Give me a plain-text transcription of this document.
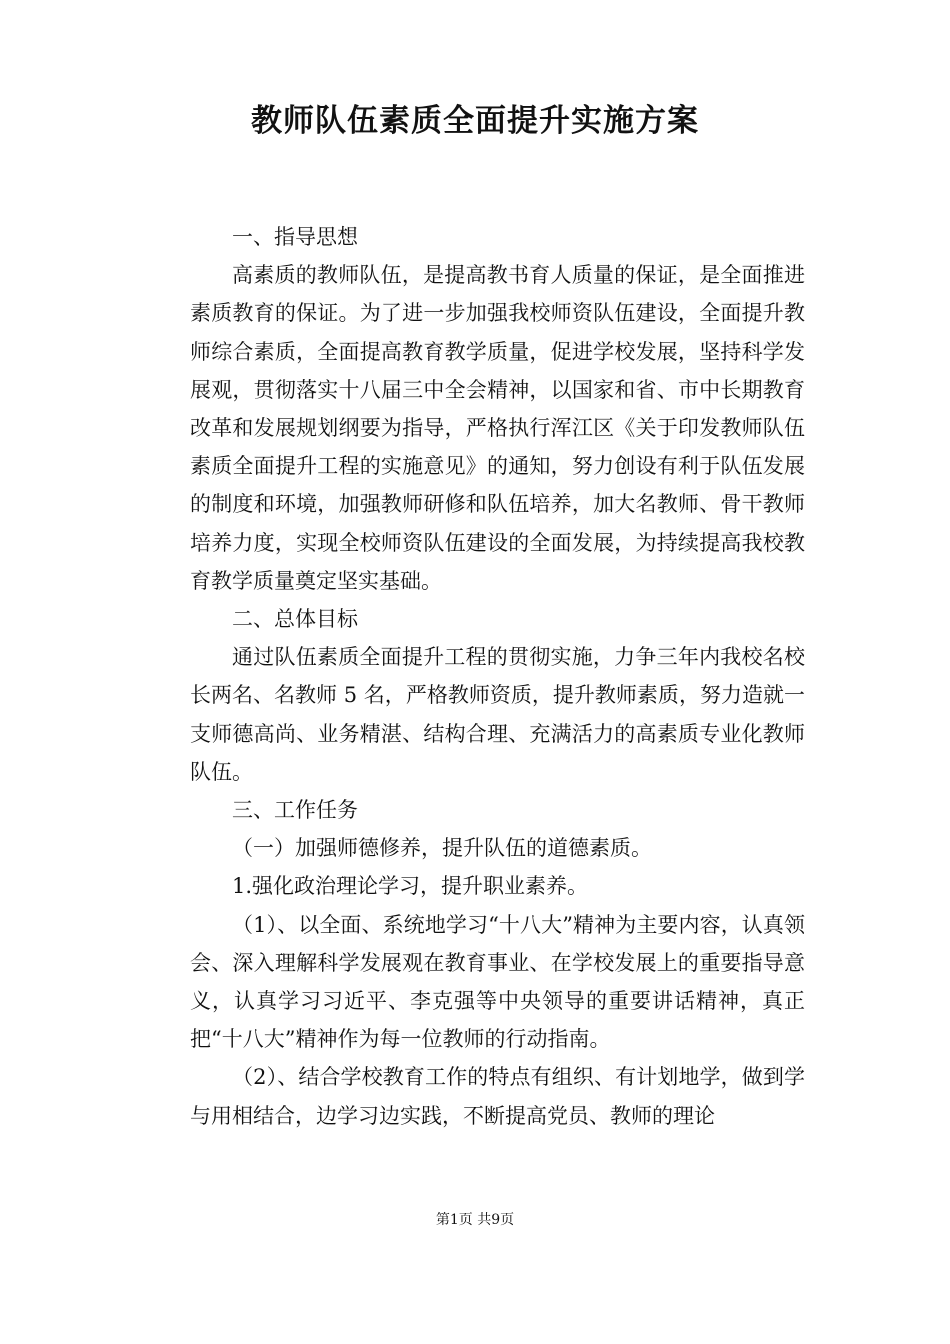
教师队伍素质全面提升实施方案

一、指导思想

高素质的教师队伍，是提高教书育人质量的保证，是全面推进素质教育的保证。为了进一步加强我校师资队伍建设，全面提升教师综合素质，全面提高教育教学质量，促进学校发展，坚持科学发展观，贯彻落实十八届三中全会精神，以国家和省、市中长期教育改革和发展规划纲要为指导，严格执行浑江区《关于印发教师队伍素质全面提升工程的实施意见》的通知，努力创设有利于队伍发展的制度和环境，加强教师研修和队伍培养，加大名教师、骨干教师培养力度，实现全校师资队伍建设的全面发展，为持续提高我校教育教学质量奠定坚实基础。

二、总体目标

通过队伍素质全面提升工程的贯彻实施，力争三年内我校名校长两名、名教师 5 名，严格教师资质，提升教师素质，努力造就一支师德高尚、业务精湛、结构合理、充满活力的高素质专业化教师队伍。

三、工作任务

（一）加强师德修养，提升队伍的道德素质。

1.强化政治理论学习，提升职业素养。

（1）、以全面、系统地学习“十八大”精神为主要内容，认真领会、深入理解科学发展观在教育事业、在学校发展上的重要指导意义，认真学习习近平、李克强等中央领导的重要讲话精神，真正把“十八大”精神作为每一位教师的行动指南。

（2）、结合学校教育工作的特点有组织、有计划地学，做到学与用相结合，边学习边实践，不断提高党员、教师的理论

第1页 共9页
